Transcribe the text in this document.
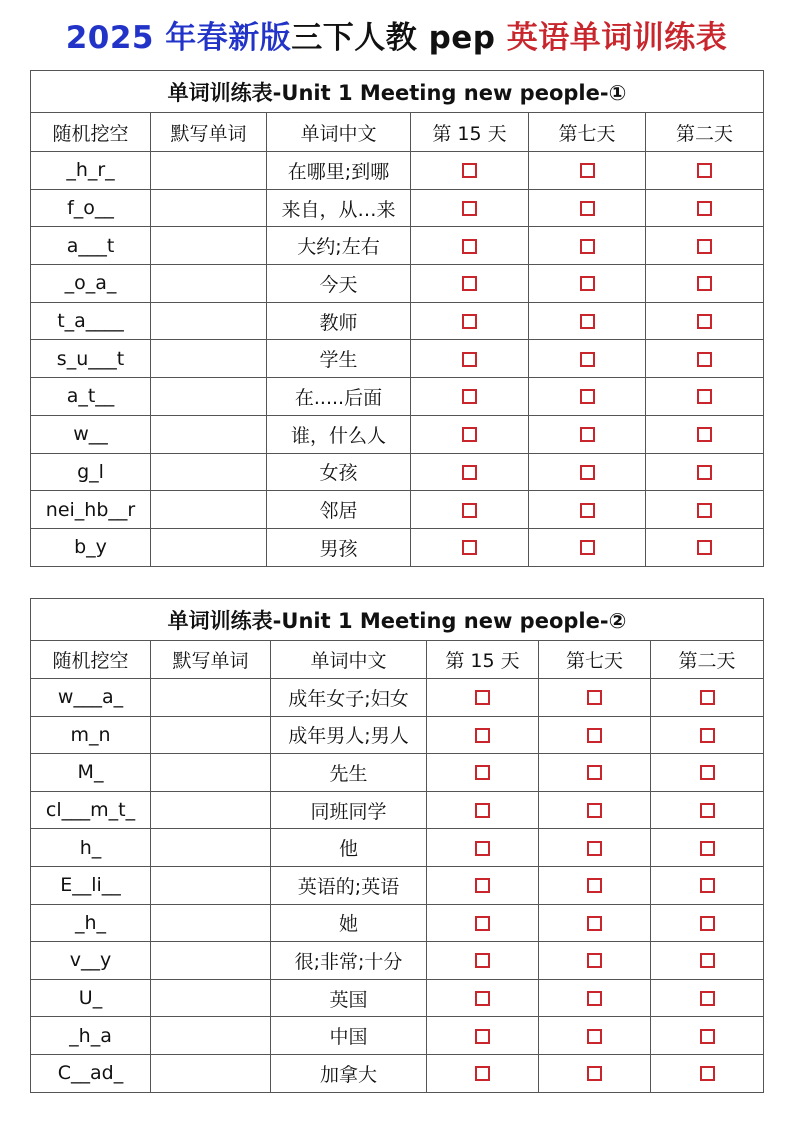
2025 年春新版三下人教 pep 英语单词训练表
单词训练表-Unit 1 Meeting new people-①					
随机挖空	默写单词	单词中文	第 15 天	第七天	第二天
_h_r_		在哪里;到哪			
f_o__		来自，从…来			
a___t		大约;左右			
_o_a_		今天			
t_a____		教师			
s_u___t		学生			
a_t__		在.....后面			
w__		谁，什么人			
g_l		女孩			
nei_hb__r		邻居			
b_y		男孩			
单词训练表-Unit 1 Meeting new people-②					
随机挖空	默写单词	单词中文	第 15 天	第七天	第二天
w___a_		成年女子;妇女			
m_n		成年男人;男人			
M_		先生			
cl___m_t_		同班同学			
h_		他			
E__li__		英语的;英语			
_h_		她			
v__y		很;非常;十分			
U_		英国			
_h_a		中国			
C__ad_		加拿大			
